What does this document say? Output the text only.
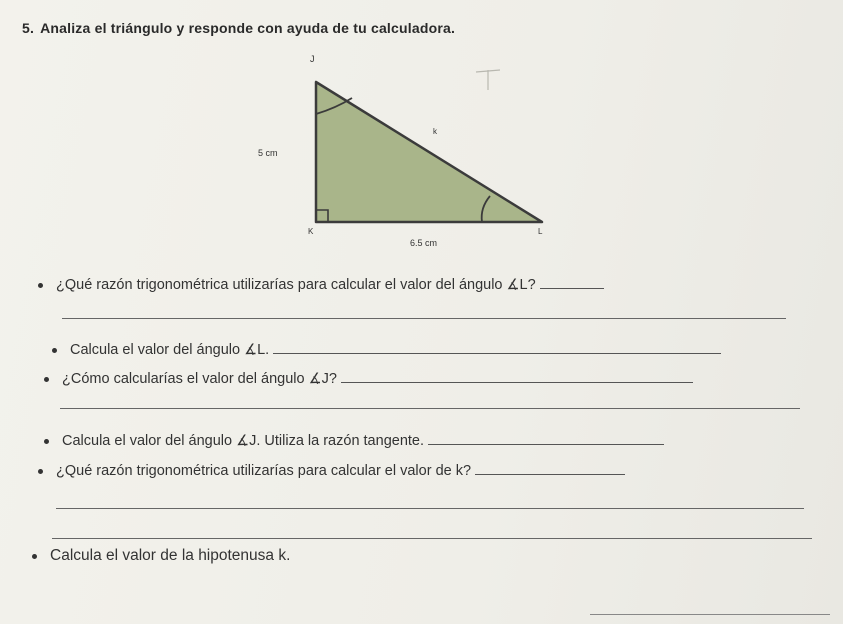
5. Analiza el triángulo y responde con ayuda de tu calculadora.
J
k
5 cm
K	L
6.5 cm
¿Qué razón trigonométrica utilizarías para calcular el valor del ángulo ∡L?
Calcula el valor del ángulo ∡L.
¿Cómo calcularías el valor del ángulo ∡J?
Calcula el valor del ángulo ∡J. Utiliza la razón tangente.
¿Qué razón trigonométrica utilizarías para calcular el valor de k?
Calcula el valor de la hipotenusa k.
